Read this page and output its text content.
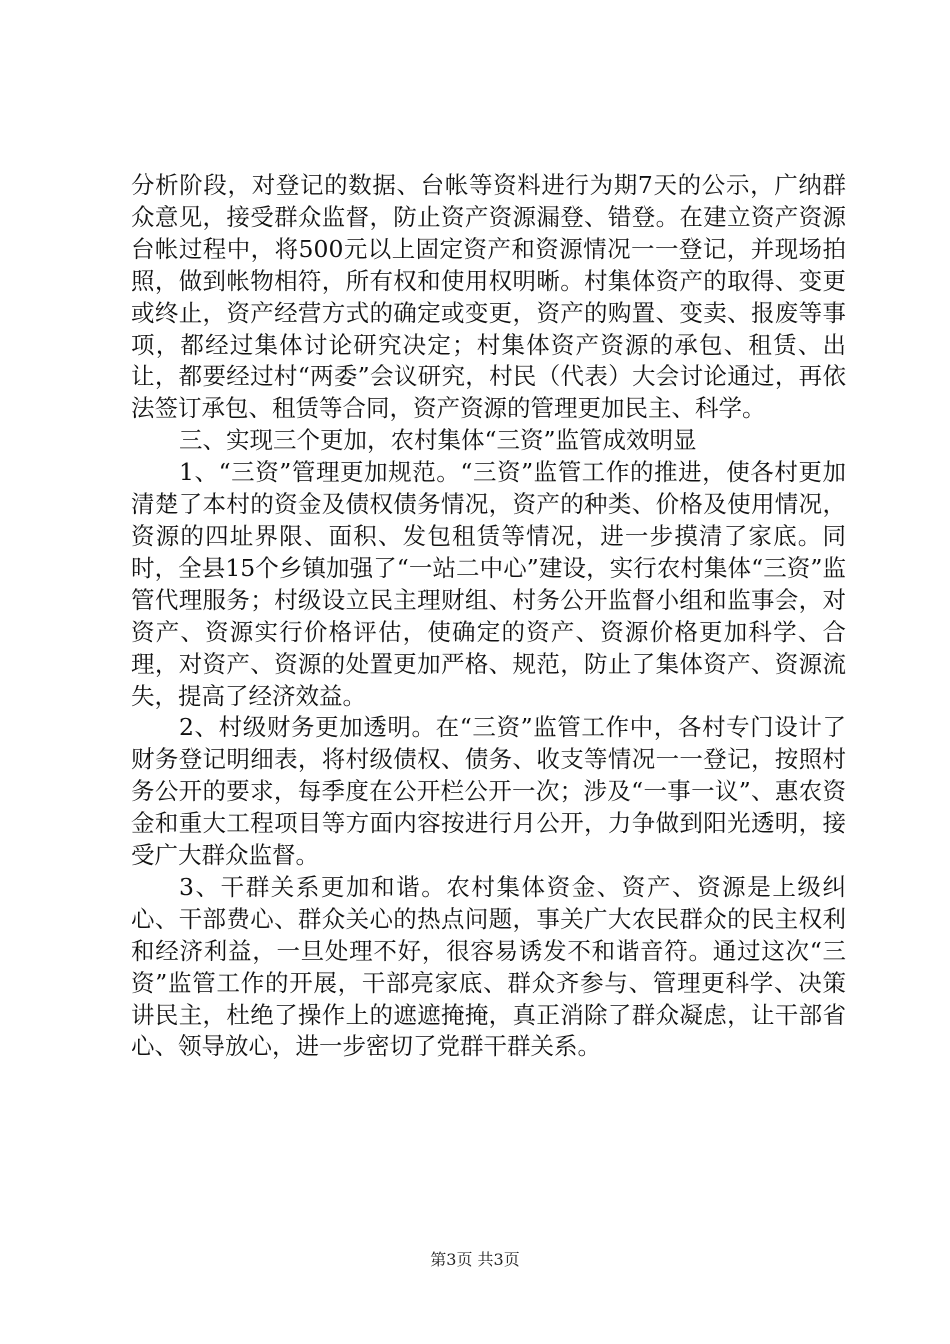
分析阶段，对登记的数据、台帐等资料进行为期7天的公示，广纳群众意见，接受群众监督，防止资产资源漏登、错登。在建立资产资源台帐过程中，将500元以上固定资产和资源情况一一登记，并现场拍照，做到帐物相符，所有权和使用权明晰。村集体资产的取得、变更或终止，资产经营方式的确定或变更，资产的购置、变卖、报废等事项，都经过集体讨论研究决定；村集体资产资源的承包、租赁、出让，都要经过村“两委”会议研究，村民（代表）大会讨论通过，再依法签订承包、租赁等合同，资产资源的管理更加民主、科学。

三、实现三个更加，农村集体“三资”监管成效明显

1、“三资”管理更加规范。“三资”监管工作的推进，使各村更加清楚了本村的资金及债权债务情况，资产的种类、价格及使用情况，资源的四址界限、面积、发包租赁等情况，进一步摸清了家底。同时，全县15个乡镇加强了“一站二中心”建设，实行农村集体“三资”监管代理服务；村级设立民主理财组、村务公开监督小组和监事会，对资产、资源实行价格评估，使确定的资产、资源价格更加科学、合理，对资产、资源的处置更加严格、规范，防止了集体资产、资源流失，提高了经济效益。

2、村级财务更加透明。在“三资”监管工作中，各村专门设计了财务登记明细表，将村级债权、债务、收支等情况一一登记，按照村务公开的要求，每季度在公开栏公开一次；涉及“一事一议”、惠农资金和重大工程项目等方面内容按进行月公开，力争做到阳光透明，接受广大群众监督。

3、干群关系更加和谐。农村集体资金、资产、资源是上级纠心、干部费心、群众关心的热点问题，事关广大农民群众的民主权利和经济利益，一旦处理不好，很容易诱发不和谐音符。通过这次“三资”监管工作的开展，干部亮家底、群众齐参与、管理更科学、决策讲民主，杜绝了操作上的遮遮掩掩，真正消除了群众凝虑，让干部省心、领导放心，进一步密切了党群干群关系。

第3页 共3页
